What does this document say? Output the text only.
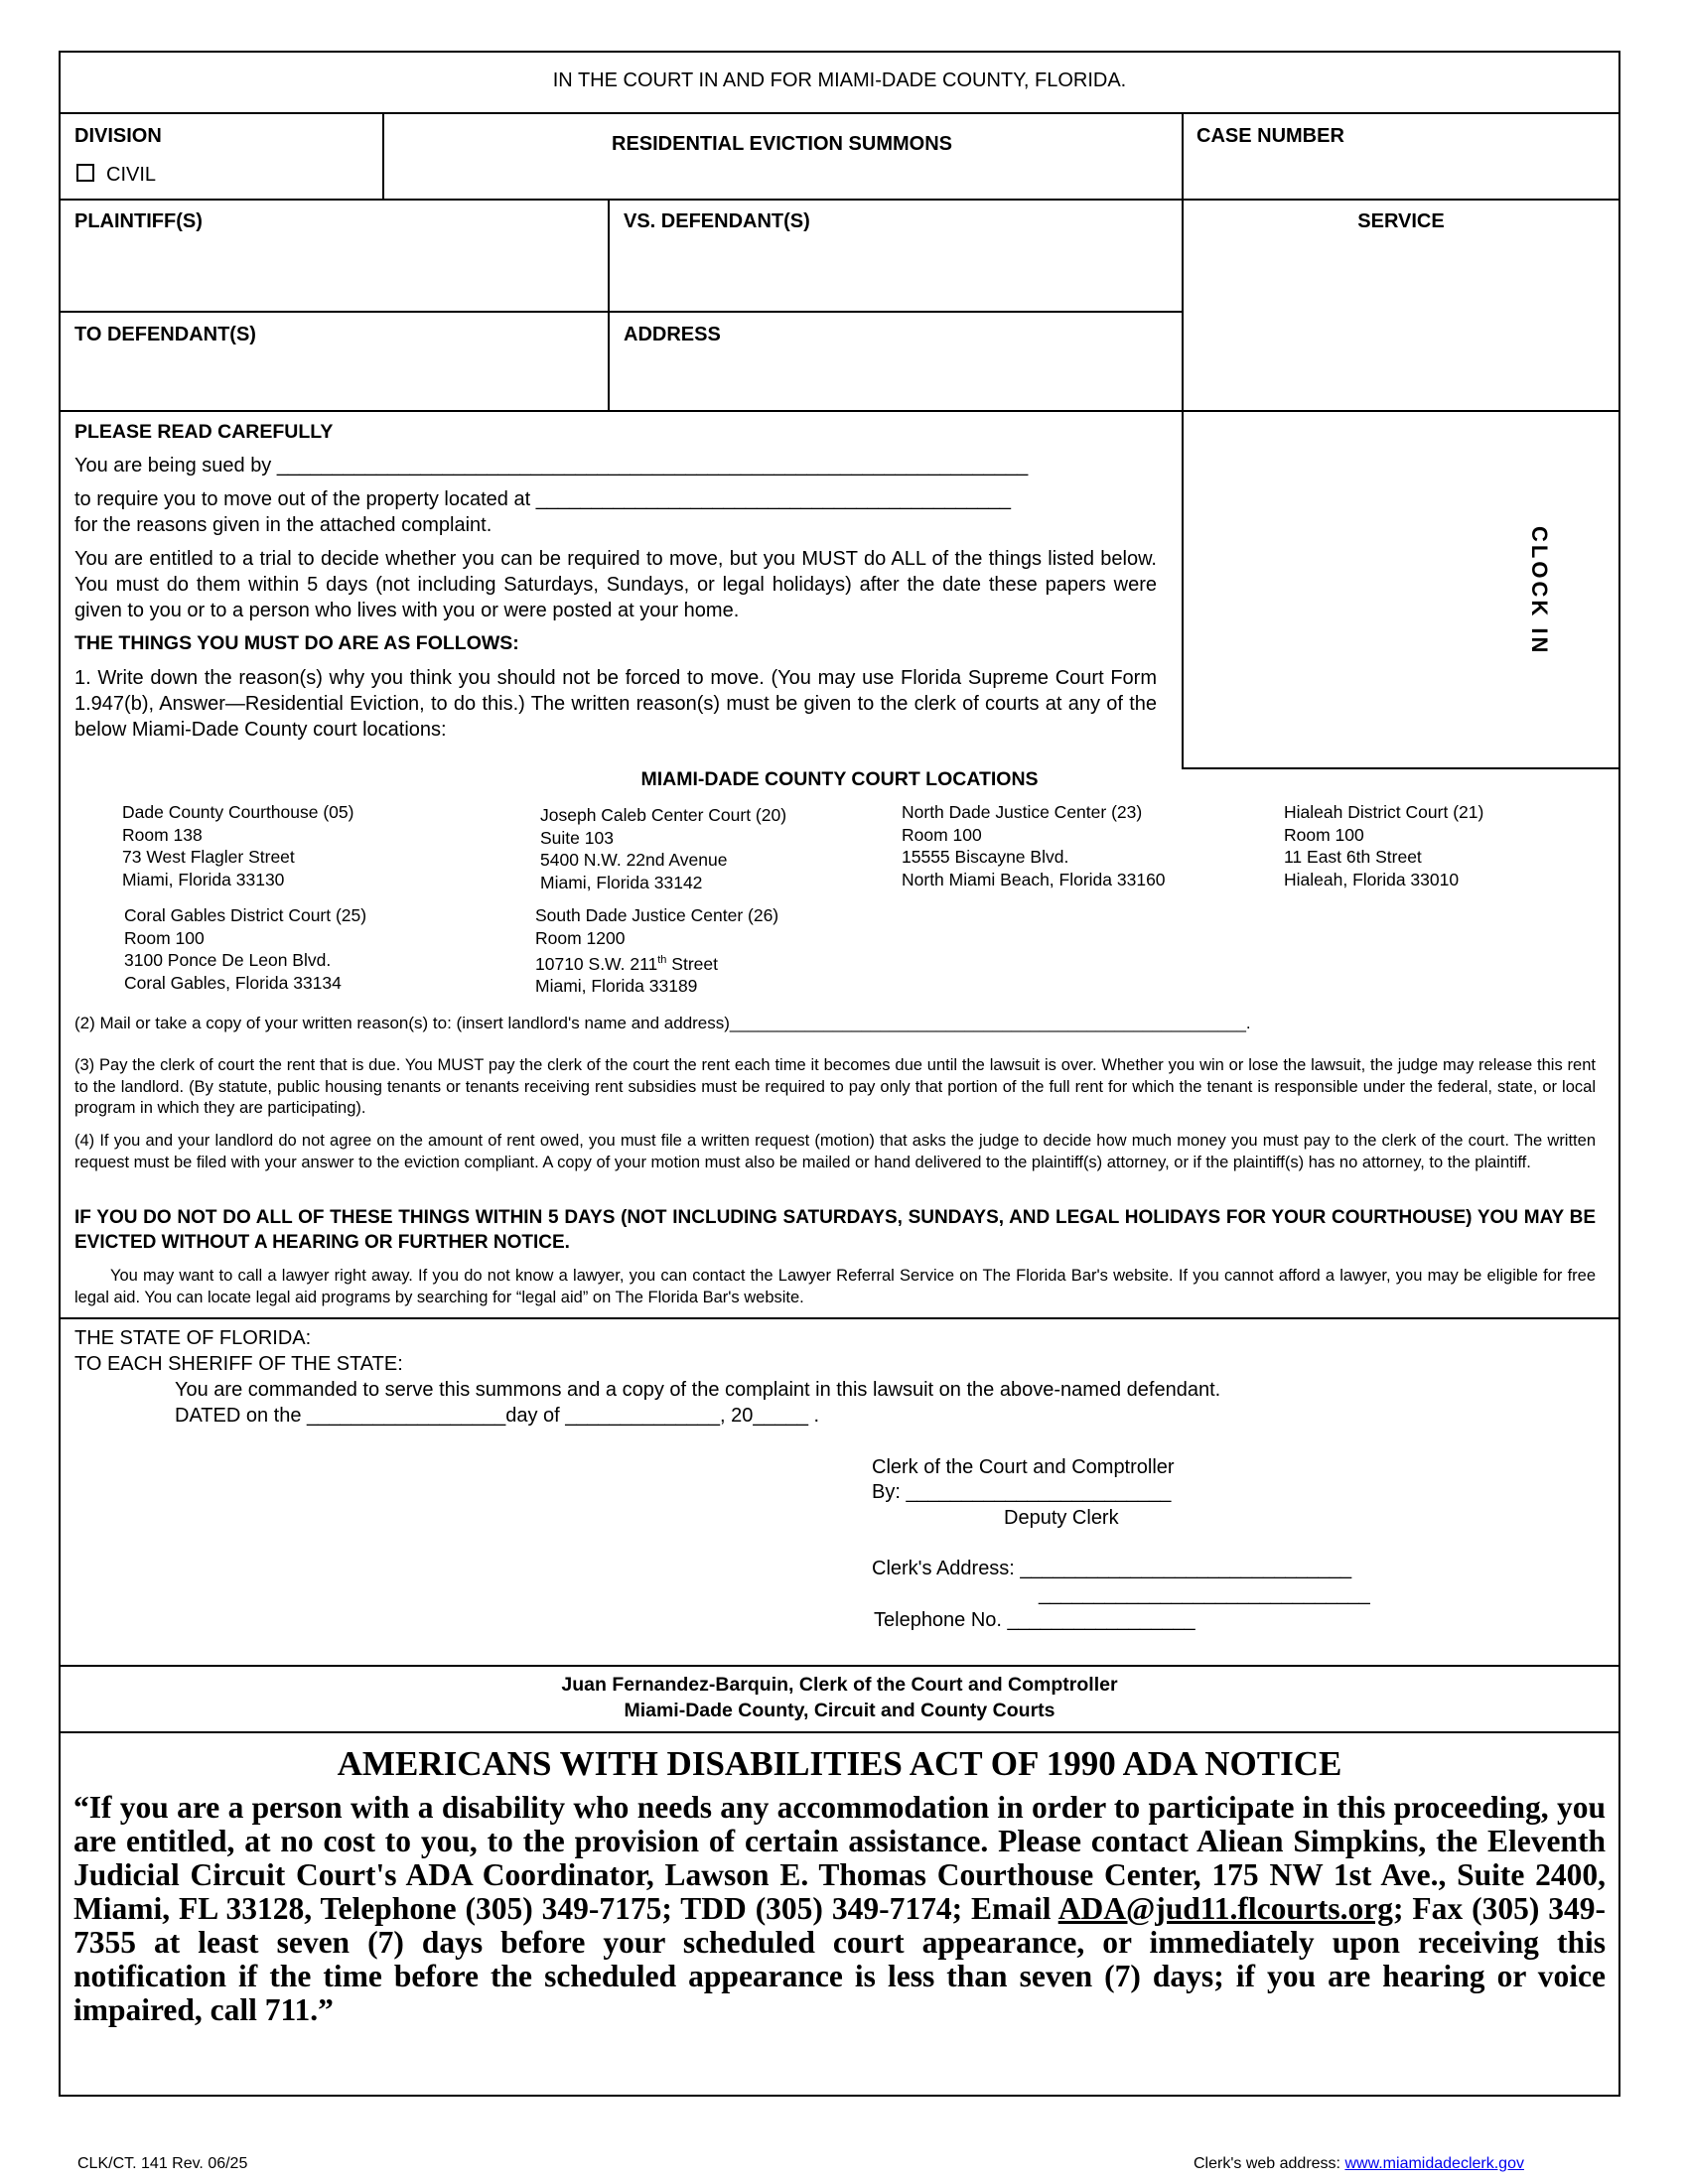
IN THE COURT IN AND FOR MIAMI-DADE COUNTY, FLORIDA.
DIVISION
CIVIL
RESIDENTIAL EVICTION SUMMONS	CASE NUMBER
PLAINTIFF(S)	VS. DEFENDANT(S)	SERVICE
TO DEFENDANT(S)	ADDRESS
CLOCK IN
PLEASE READ CAREFULLY
You are being sued by ____________________________________________________________________
to require you to move out of the property located at ___________________________________________
for the reasons given in the attached complaint.
You are entitled to a trial to decide whether you can be required to move, but you MUST do ALL of the things listed below. You must do them within 5 days (not including Saturdays, Sundays, or legal holidays) after the date these papers were given to you or to a person who lives with you or were posted at your home.
THE THINGS YOU MUST DO ARE AS FOLLOWS:
1. Write down the reason(s) why you think you should not be forced to move. (You may use Florida Supreme Court Form 1.947(b), Answer—Residential Eviction, to do this.) The written reason(s) must be given to the clerk of courts at any of the below Miami-Dade County court locations:
MIAMI-DADE COUNTY COURT LOCATIONS
Dade County Courthouse (05)
Room 138
73 West Flagler Street
Miami, Florida 33130
Joseph Caleb Center Court (20)
Suite 103
5400 N.W. 22nd Avenue
Miami, Florida 33142
North Dade Justice Center (23)
Room 100
15555 Biscayne Blvd.
North Miami Beach, Florida 33160
Hialeah District Court (21)
Room 100
11 East 6th Street
Hialeah, Florida 33010
Coral Gables District Court (25)
Room 100
3100 Ponce De Leon Blvd.
Coral Gables, Florida 33134
South Dade Justice Center (26)
Room 1200
10710 S.W. 211th Street
Miami, Florida 33189
(2) Mail or take a copy of your written reason(s) to: (insert landlord's name and address)_______________________________________________________.
(3) Pay the clerk of court the rent that is due. You MUST pay the clerk of the court the rent each time it becomes due until the lawsuit is over. Whether you win or lose the lawsuit, the judge may release this rent to the landlord. (By statute, public housing tenants or tenants receiving rent subsidies must be required to pay only that portion of the full rent for which the tenant is responsible under the federal, state, or local program in which they are participating).
(4) If you and your landlord do not agree on the amount of rent owed, you must file a written request (motion) that asks the judge to decide how much money you must pay to the clerk of the court. The written request must be filed with your answer to the eviction compliant. A copy of your motion must also be mailed or hand delivered to the plaintiff(s) attorney, or if the plaintiff(s) has no attorney, to the plaintiff.
IF YOU DO NOT DO ALL OF THESE THINGS WITHIN 5 DAYS (NOT INCLUDING SATURDAYS, SUNDAYS, AND LEGAL HOLIDAYS FOR YOUR COURTHOUSE) YOU MAY BE EVICTED WITHOUT A HEARING OR FURTHER NOTICE.
You may want to call a lawyer right away. If you do not know a lawyer, you can contact the Lawyer Referral Service on The Florida Bar's website. If you cannot afford a lawyer, you may be eligible for free legal aid. You can locate legal aid programs by searching for “legal aid” on The Florida Bar's website.
THE STATE OF FLORIDA:
TO EACH SHERIFF OF THE STATE:
You are commanded to serve this summons and a copy of the complaint in this lawsuit on the above-named defendant.
DATED on the __________________day of ______________, 20_____ .
Clerk of the Court and Comptroller
By: ________________________
Deputy Clerk
Clerk's Address: ______________________________
______________________________
Telephone No. _________________
Juan Fernandez-Barquin, Clerk of the Court and Comptroller
Miami-Dade County, Circuit and County Courts
AMERICANS WITH DISABILITIES ACT OF 1990 ADA NOTICE
“If you are a person with a disability who needs any accommodation in order to participate in this proceeding, you are entitled, at no cost to you, to the provision of certain assistance. Please contact Aliean Simpkins, the Eleventh Judicial Circuit Court's ADA Coordinator, Lawson E. Thomas Courthouse Center, 175 NW 1st Ave., Suite 2400, Miami, FL 33128, Telephone (305) 349-7175; TDD (305) 349-7174; Email ADA@jud11.flcourts.org; Fax (305) 349-7355 at least seven (7) days before your scheduled court appearance, or immediately upon receiving this notification if the time before the scheduled appearance is less than seven (7) days; if you are hearing or voice impaired, call 711.”
CLK/CT. 141 Rev. 06/25	Clerk's web address: www.miamidadeclerk.gov
